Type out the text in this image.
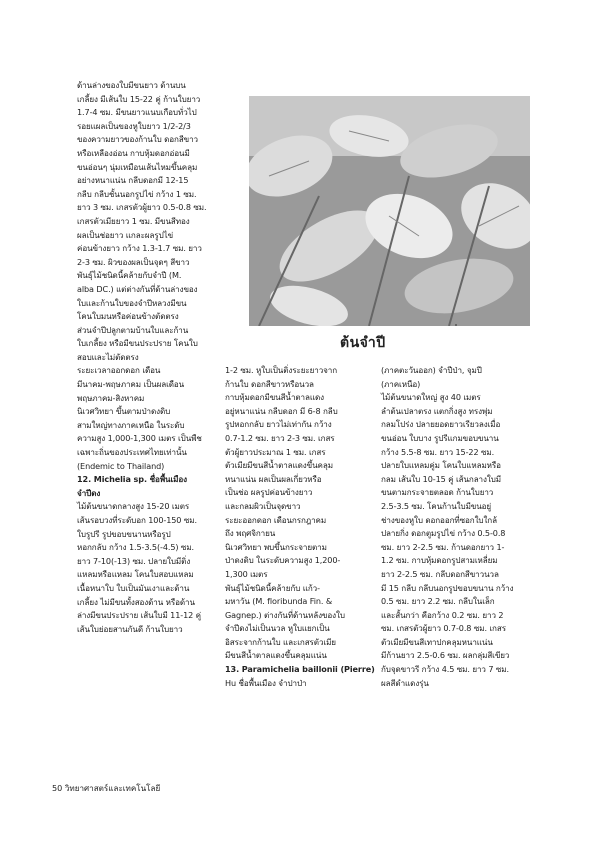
ด้านล่างของใบมีขนยาว ด้านบน

เกลี้ยง มีเส้นใบ 15-22 คู่ ก้านใบยาว

1.7-4 ซม. มีขนยาวแนบเกือบทั่วไป

รอยแผลเป็นของหูใบยาว 1/2-2/3

ของความยาวของก้านใบ ดอกสีขาว

หรือเหลืองอ่อน กาบหุ้มดอกอ่อนมี

ขนอ่อนๆ นุ่มเหมือนเส้นไหมขึ้นคลุม

อย่างหนาแน่น กลีบดอกมี 12-15

กลีบ กลีบชั้นนอกรูปไข่ กว้าง 1 ซม.

ยาว 3 ซม. เกสรตัวผู้ยาว 0.5-0.8 ซม.

เกสรตัวเมียยาว 1 ซม. มีขนสีทอง

ผลเป็นช่อยาว แกละผลรูปไข่

ค่อนข้างยาว กว้าง 1.3-1.7 ซม. ยาว

2-3 ซม. ผิวของผลเป็นจุดๆ สีขาว

พันธุ์ไม้ชนิดนี้คล้ายกับจำปี (M.

alba DC.) แต่ต่างกันที่ด้านล่างของ

ใบและก้านใบของจำปีหลวงมีขน

โคนใบมนหรือค่อนข้างตัดตรง

ส่วนจำปีปลูกตามบ้านใบและก้าน

ใบเกลี้ยง หรือมีขนประปราย โคนใบ

สอบและไม่ตัดตรง

ระยะเวลาออกดอก เดือน

มีนาคม-พฤษภาคม เป็นผลเดือน

พฤษภาคม-สิงหาคม

นิเวศวิทยา ขึ้นตามป่าดงดิบ

สามใหญ่ทางภาคเหนือ ในระดับ

ความสูง 1,000-1,300 เมตร เป็นพืช

เฉพาะถิ่นของประเทศไทยเท่านั้น

(Endemic to Thailand)

12. Michelia sp. ชื่อพื้นเมือง

จำปีดง

ไม้ต้นขนาดกลางสูง 15-20 เมตร

เส้นรอบวงที่ระดับอก 100-150 ซม.

ใบรูปรี รูปขอบขนานหรือรูป

หอกกลับ กว้าง 1.5-3.5(-4.5) ซม.

ยาว 7-10(-13) ซม. ปลายใบมีติ่ง

แหลมหรือแหลม โคนใบสอบแหลม

เนื้อหนาใบ ใบเป็นมันเงาและด้าน

เกลี้ยง ไม่มีขนทั้งสองด้าน หรือด้าน

ล่างมีขนประปราย เส้นใบมี 11-12 คู่

เส้นใบย่อยสานกันดี ก้านใบยาว

ต้นจำปี

1-2 ซม. หูใบเป็นติ่งระยะยาวจาก

ก้านใบ ดอกสีขาวหรือนวล

กาบหุ้มดอกมีขนสีน้ำตาลแดง

อยู่หนาแน่น กลีบดอก มี 6-8 กลีบ

รูปหอกกลับ ยาวไม่เท่ากัน กว้าง

0.7-1.2 ซม. ยาว 2-3 ซม. เกสร

ตัวผู้ยาวประมาณ 1 ซม. เกสร

ตัวเมียมีขนสีน้ำตาลแดงขึ้นคลุม

หนาแน่น ผลเป็นผลเกี่ยวหรือ

เป็นช่อ ผลรูปค่อนข้างยาว

และกลมผิวเป็นจุดขาว

ระยะออกดอก เดือนกรกฎาคม

ถึง พฤศจิกายน

นิเวศวิทยา พบขึ้นกระจายตาม

ป่าดงดิบ ในระดับความสูง 1,200-

1,300 เมตร

พันธุ์ไม้ชนิดนี้คล้ายกับ แก้ว-

มหาวัน (M. floribunda Fin. &

Gagnep.) ต่างกันที่ด้านหลังของใบ

จำปีดงไม่เป็นนวล หูใบแยกเป็น

อิสระจากก้านใบ และเกสรตัวเมีย

มีขนสีน้ำตาลแดงขึ้นคลุมแน่น

13. Paramichelia baillonii (Pierre)

Hu ชื่อพื้นเมือง จำปาป่า

(ภาคตะวันออก) จำปีป่า, จุมปี

(ภาคเหนือ)

ไม้ต้นขนาดใหญ่ สูง 40 เมตร

ลำต้นเปลาตรง แตกกิ่งสูง ทรงพุ่ม

กลมโปร่ง ปลายยอดยาวเรียวลงเมื่อ

ขนอ่อน ใบบาง รูปรีแกมขอบขนาน

กว้าง 5.5-8 ซม. ยาว 15-22 ซม.

ปลายใบแหลมคู่ม โคนใบแหลมหรือ

กลม เส้นใบ 10-15 คู่ เส้นกลางใบมี

ขนตามกระจายตลอด ก้านใบยาว

2.5-3.5 ซม. โคนก้านใบมีขนอยู่

ช่างของหูใบ ดอกออกที่ซอกใบใกล้

ปลายกิ่ง ดอกตูมรูปไข่ กว้าง 0.5-0.8

ซม. ยาว 2-2.5 ซม. ก้านดอกยาว 1-

1.2 ซม. กาบหุ้มดอกรูปสามเหลี่ยม

ยาว 2-2.5 ซม. กลีบดอกสีขาวนวล

มี 15 กลีบ กลีบนอกรูปขอบขนาน กว้าง

0.5 ซม. ยาว 2.2 ซม. กลีบในเล็ก

และสั้นกว่า คือกว้าง 0.2 ซม. ยาว 2

ซม. เกสรตัวผู้ยาว 0.7-0.8 ซม. เกสร

ตัวเมียมีขนสีเทาปกคลุมหนาแน่น

มีก้านยาว 2.5-0.6 ซม. ผลกลุ่มสีเขียว

กับจุดขาวรี กว้าง 4.5 ซม. ยาว 7 ซม.

ผลสีดำแดงรุ่น

50 วิทยาศาสตร์และเทคโนโลยี
